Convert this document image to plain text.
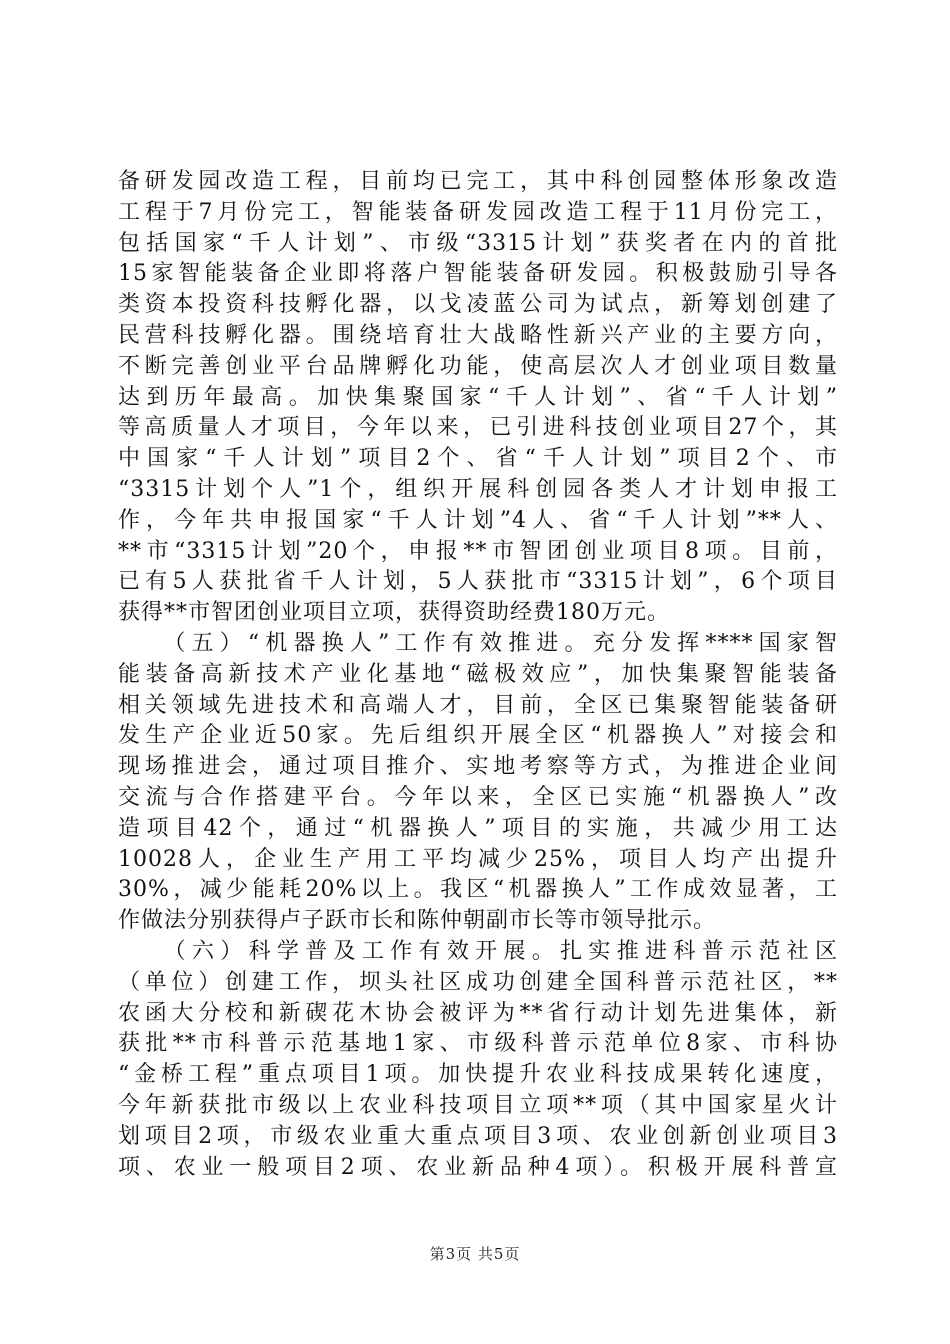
备研发园改造工程，目前均已完工，其中科创园整体形象改造
工程于7月份完工，智能装备研发园改造工程于11月份完工，
包括国家“千人计划”、市级“3315计划”获奖者在内的首批
15家智能装备企业即将落户智能装备研发园。积极鼓励引导各
类资本投资科技孵化器，以戈凌蓝公司为试点，新筹划创建了
民营科技孵化器。围绕培育壮大战略性新兴产业的主要方向，
不断完善创业平台品牌孵化功能，使高层次人才创业项目数量
达到历年最高。加快集聚国家“千人计划”、省“千人计划”
等高质量人才项目，今年以来，已引进科技创业项目27个，其
中国家“千人计划”项目2个、省“千人计划”项目2个、市
“3315计划个人”1个，组织开展科创园各类人才计划申报工
作，今年共申报国家“千人计划”4人、省“千人计划”**人、
**市“3315计划”20个，申报**市智团创业项目8项。目前，
已有5人获批省千人计划，5人获批市“3315计划”，6个项目
获得**市智团创业项目立项，获得资助经费180万元。
　　（五）“机器换人”工作有效推进。充分发挥****国家智
能装备高新技术产业化基地“磁极效应”，加快集聚智能装备
相关领域先进技术和高端人才，目前，全区已集聚智能装备研
发生产企业近50家。先后组织开展全区“机器换人”对接会和
现场推进会，通过项目推介、实地考察等方式，为推进企业间
交流与合作搭建平台。今年以来，全区已实施“机器换人”改
造项目42个，通过“机器换人”项目的实施，共减少用工达
10028人，企业生产用工平均减少25%，项目人均产出提升
30%，减少能耗20%以上。我区“机器换人”工作成效显著，工
作做法分别获得卢子跃市长和陈仲朝副市长等市领导批示。
　　（六）科学普及工作有效开展。扎实推进科普示范社区
（单位）创建工作，坝头社区成功创建全国科普示范社区，**
农函大分校和新碶花木协会被评为**省行动计划先进集体，新
获批**市科普示范基地1家、市级科普示范单位8家、市科协
“金桥工程”重点项目1项。加快提升农业科技成果转化速度，
今年新获批市级以上农业科技项目立项**项（其中国家星火计
划项目2项，市级农业重大重点项目3项、农业创新创业项目3
项、农业一般项目2项、农业新品种4项）。积极开展科普宣
第3页 共5页
